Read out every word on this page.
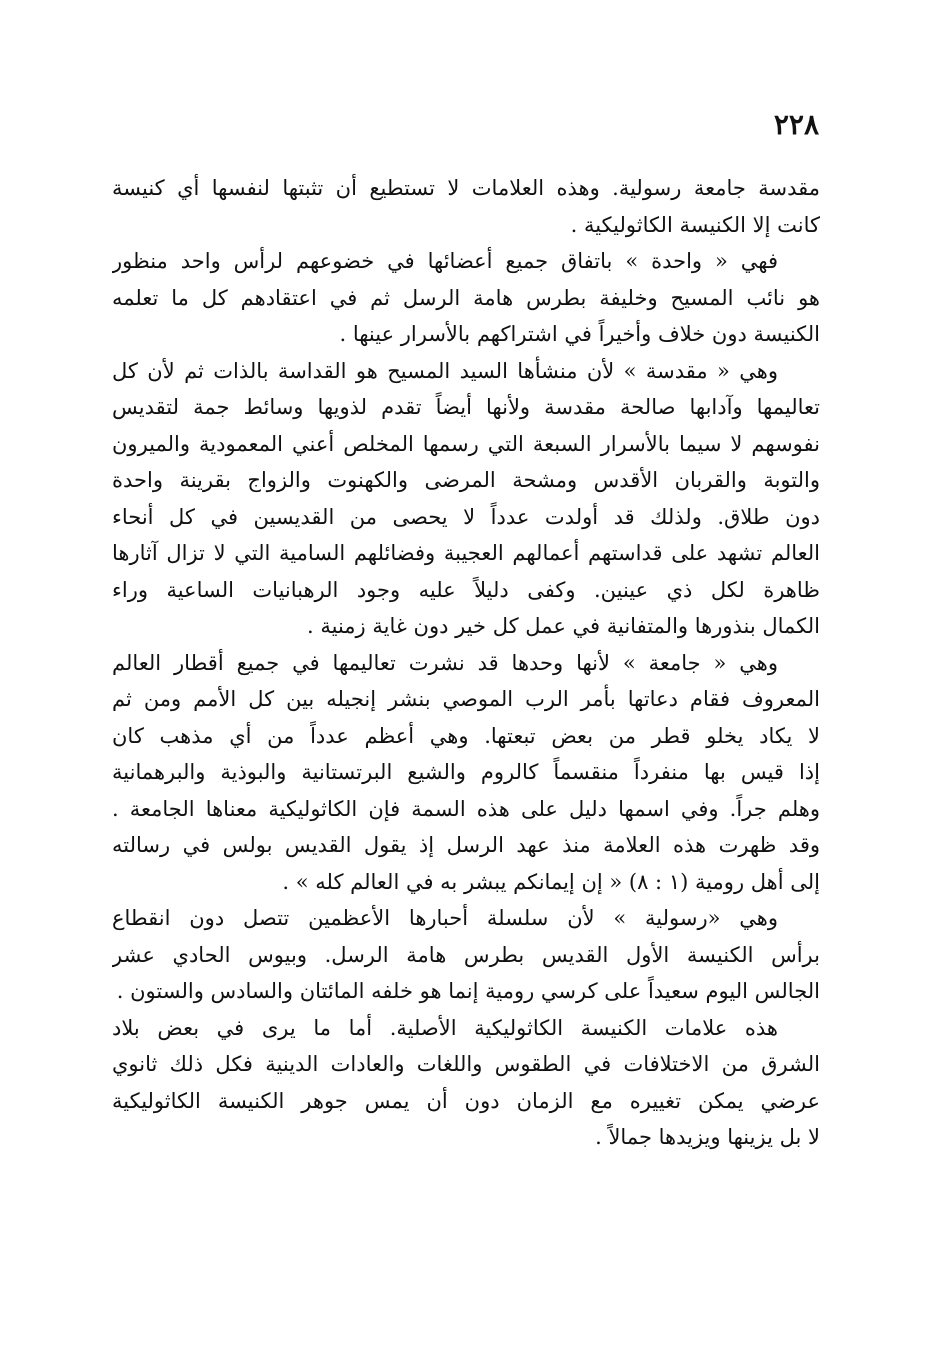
٢٢٨
مقدسة جامعة رسولية. وهذه العلامات لا تستطيع أن تثبتها لنفسها أي كنيسة
كانت إلا الكنيسة الكاثوليكية .
فهي « واحدة » باتفاق جميع أعضائها في خضوعهم لرأس واحد منظور
هو نائب المسيح وخليفة بطرس هامة الرسل ثم في اعتقادهم كل ما تعلمه
الكنيسة دون خلاف وأخيراً في اشتراكهم بالأسرار عينها .
وهي « مقدسة » لأن منشأها السيد المسيح هو القداسة بالذات ثم لأن كل
تعاليمها وآدابها صالحة مقدسة ولأنها أيضاً تقدم لذويها وسائط جمة لتقديس
نفوسهم لا سيما بالأسرار السبعة التي رسمها المخلص أعني المعمودية والميرون
والتوبة والقربان الأقدس ومشحة المرضى والكهنوت والزواج بقرينة واحدة
دون طلاق. ولذلك قد أولدت عدداً لا يحصى من القديسين في كل أنحاء
العالم تشهد على قداستهم أعمالهم العجيبة وفضائلهم السامية التي لا تزال آثارها
ظاهرة لكل ذي عينين. وكفى دليلاً عليه وجود الرهبانيات الساعية وراء
الكمال بنذورها والمتفانية في عمل كل خير دون غاية زمنية .
وهي « جامعة » لأنها وحدها قد نشرت تعاليمها في جميع أقطار العالم
المعروف فقام دعاتها بأمر الرب الموصي بنشر إنجيله بين كل الأمم ومن ثم
لا يكاد يخلو قطر من بعض تبعتها. وهي أعظم عدداً من أي مذهب كان
إذا قيس بها منفرداً منقسماً كالروم والشيع البرتستانية والبوذية والبرهمانية
وهلم جراً. وفي اسمها دليل على هذه السمة فإن الكاثوليكية معناها الجامعة .
وقد ظهرت هذه العلامة منذ عهد الرسل إذ يقول القديس بولس في رسالته
إلى أهل رومية (١ : ٨) « إن إيمانكم يبشر به في العالم كله » .
وهي «رسولية » لأن سلسلة أحبارها الأعظمين تتصل دون انقطاع
برأس الكنيسة الأول القديس بطرس هامة الرسل. وبيوس الحادي عشر
الجالس اليوم سعيداً على كرسي رومية إنما هو خلفه المائتان والسادس والستون .
هذه علامات الكنيسة الكاثوليكية الأصلية. أما ما يرى في بعض بلاد
الشرق من الاختلافات في الطقوس واللغات والعادات الدينية فكل ذلك ثانوي
عرضي يمكن تغييره مع الزمان دون أن يمس جوهر الكنيسة الكاثوليكية
لا بل يزينها ويزيدها جمالاً .
